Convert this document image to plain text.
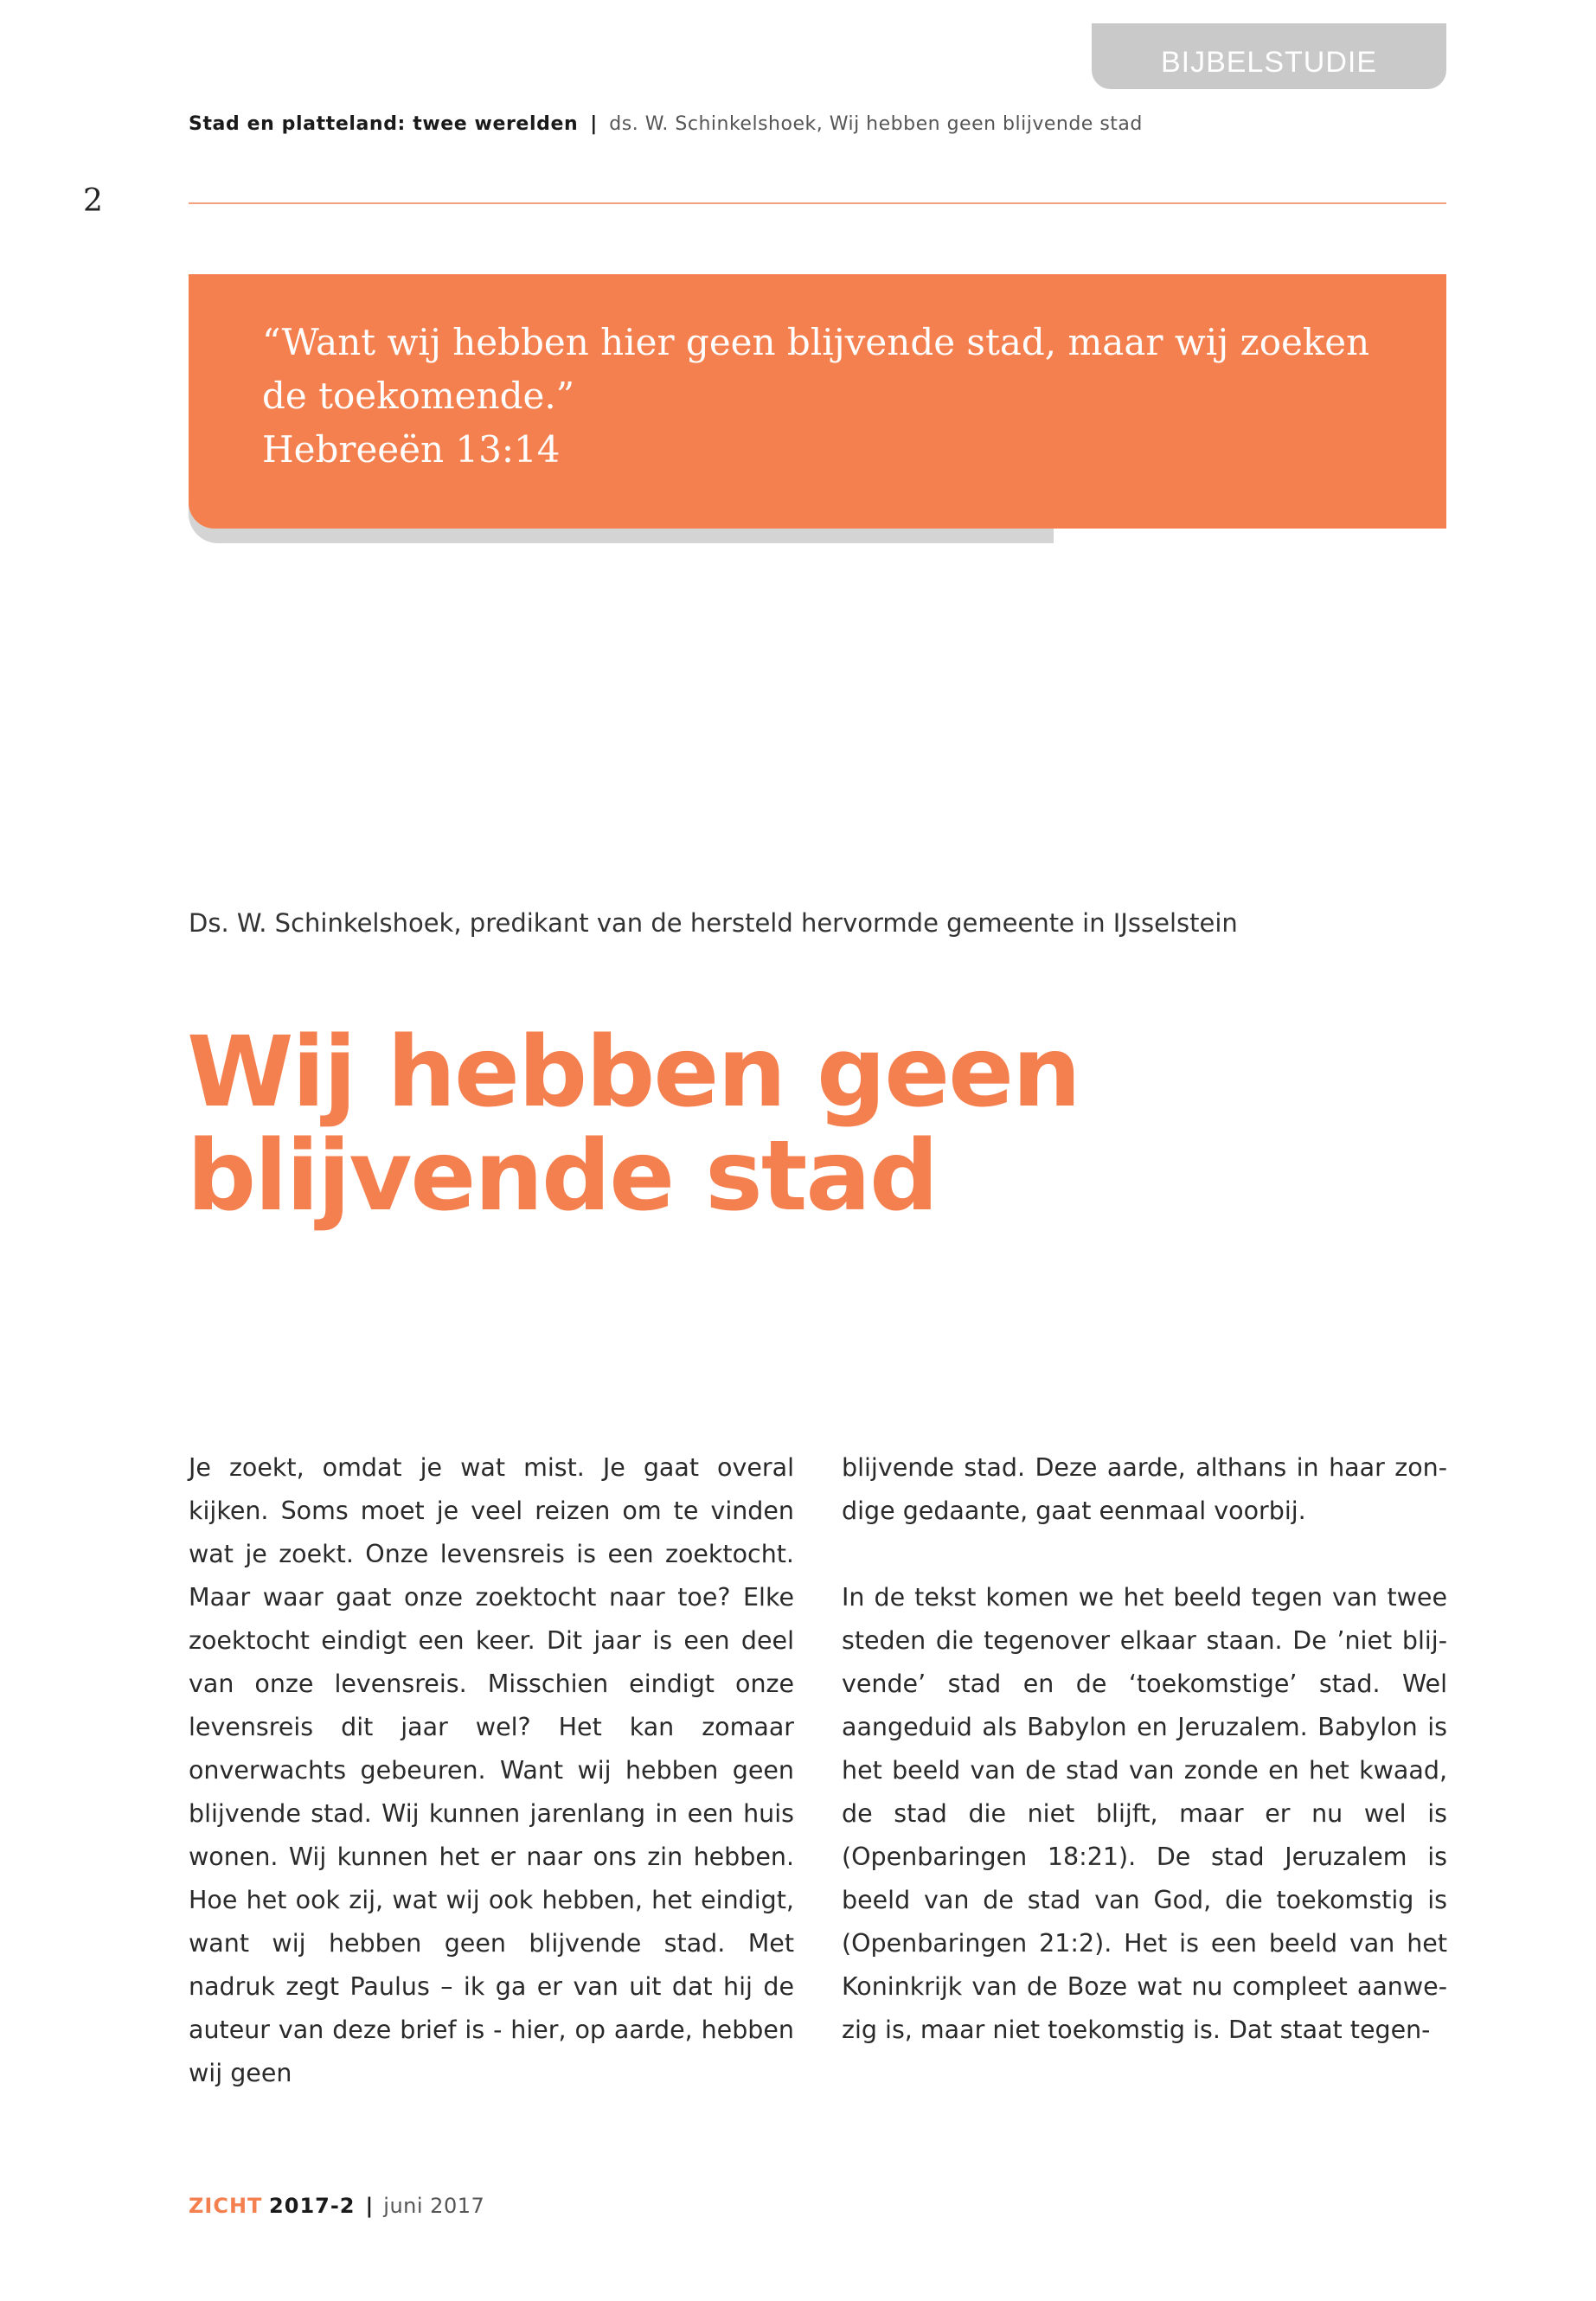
BIJBELSTUDIE
Stad en platteland: twee werelden | ds. W. Schinkelshoek, Wij hebben geen blijvende stad
2

“Want wij hebben hier geen blijvende stad, maar wij zoeken

de toekomende.”

Hebreeën 13:14

Ds. W. Schinkelshoek, predikant van de hersteld hervormde gemeente in IJsselstein
Wij hebben geen
blijvende stad

Je zoekt, omdat je wat mist. Je gaat overal kijken. Soms moet je veel reizen om te vinden wat je zoekt. Onze levensreis is een zoektocht. Maar waar gaat onze zoektocht naar toe? Elke zoektocht eindigt een keer. Dit jaar is een deel van onze levensreis. Misschien eindigt onze levensreis dit jaar wel? Het kan zomaar onverwachts gebeuren. Want wij hebben geen blijvende stad. Wij kunnen jarenlang in een huis wonen. Wij kunnen het er naar ons zin hebben. Hoe het ook zij, wat wij ook hebben, het eindigt, want wij hebben geen blijvende stad. Met nadruk zegt Paulus – ik ga er van uit dat hij de auteur van deze brief is - hier, op aarde, hebben wij geen

blijvende stad. Deze aarde, althans in haar zondige gedaante, gaat eenmaal voorbij.

In de tekst komen we het beeld tegen van twee steden die tegenover elkaar staan. De ’niet blijvende’ stad en de ‘toekomstige’ stad. Wel aangeduid als Babylon en Jeruzalem. Babylon is het beeld van de stad van zonde en het kwaad, de stad die niet blijft, maar er nu wel is (Openbaringen 18:21). De stad Jeruzalem is beeld van de stad van God, die toekomstig is (Openbaringen 21:2). Het is een beeld van het Koninkrijk van de Boze wat nu compleet aanwezig is, maar niet toekomstig is. Dat staat tegen-

ZICHT 2017-2 | juni 2017
